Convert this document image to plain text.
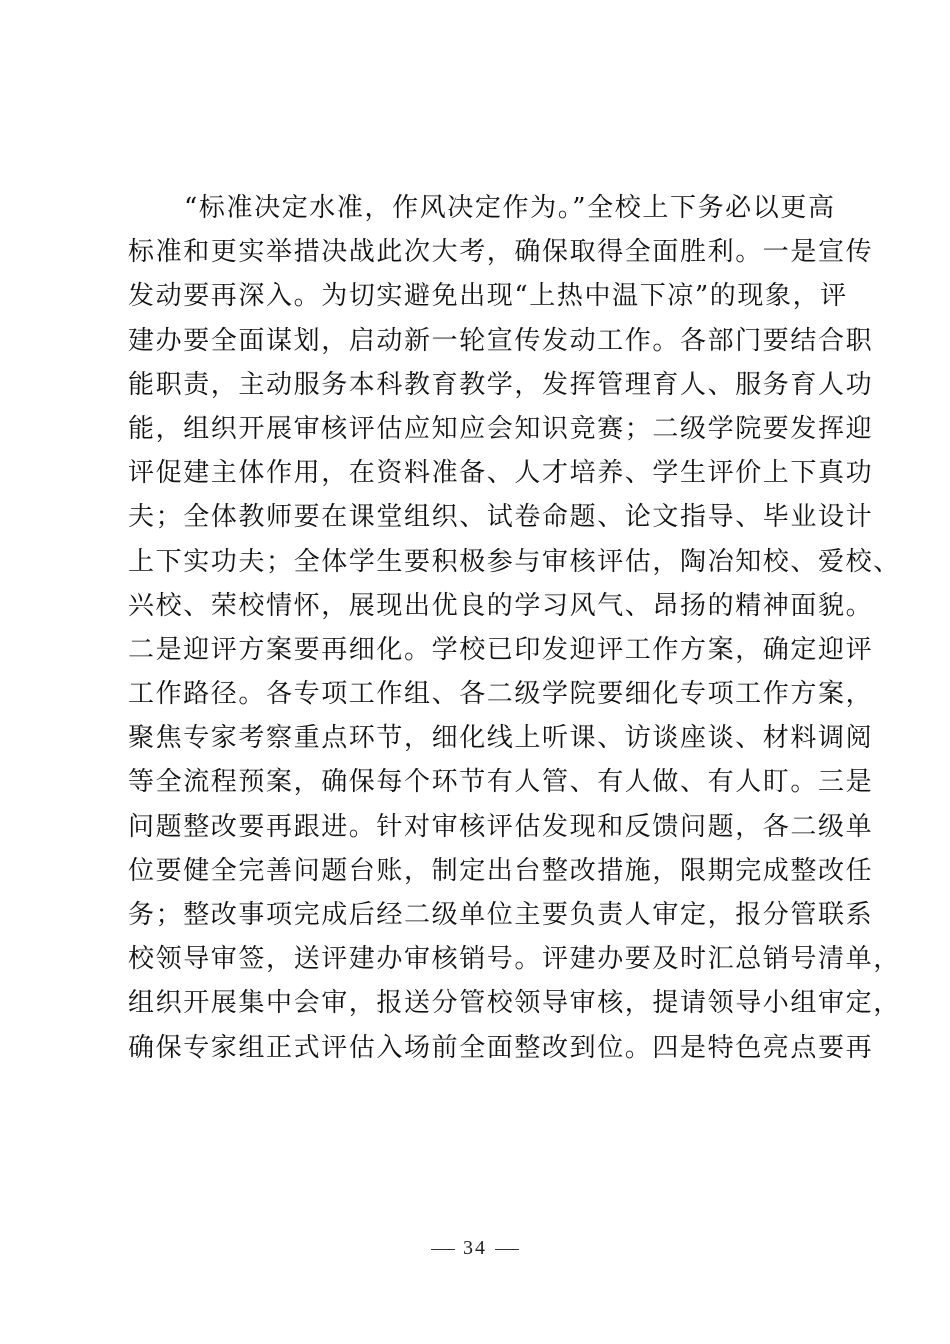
“标准决定水准，作风决定作为。”全校上下务必以更高
标准和更实举措决战此次大考，确保取得全面胜利。一是宣传
发动要再深入。为切实避免出现“上热中温下凉”的现象，评
建办要全面谋划，启动新一轮宣传发动工作。各部门要结合职
能职责，主动服务本科教育教学，发挥管理育人、服务育人功
能，组织开展审核评估应知应会知识竞赛；二级学院要发挥迎
评促建主体作用，在资料准备、人才培养、学生评价上下真功
夫；全体教师要在课堂组织、试卷命题、论文指导、毕业设计
上下实功夫；全体学生要积极参与审核评估，陶冶知校、爱校、
兴校、荣校情怀，展现出优良的学习风气、昂扬的精神面貌。
二是迎评方案要再细化。学校已印发迎评工作方案，确定迎评
工作路径。各专项工作组、各二级学院要细化专项工作方案，
聚焦专家考察重点环节，细化线上听课、访谈座谈、材料调阅
等全流程预案，确保每个环节有人管、有人做、有人盯。三是
问题整改要再跟进。针对审核评估发现和反馈问题，各二级单
位要健全完善问题台账，制定出台整改措施，限期完成整改任
务；整改事项完成后经二级单位主要负责人审定，报分管联系
校领导审签，送评建办审核销号。评建办要及时汇总销号清单，
组织开展集中会审，报送分管校领导审核，提请领导小组审定，
确保专家组正式评估入场前全面整改到位。四是特色亮点要再
34
